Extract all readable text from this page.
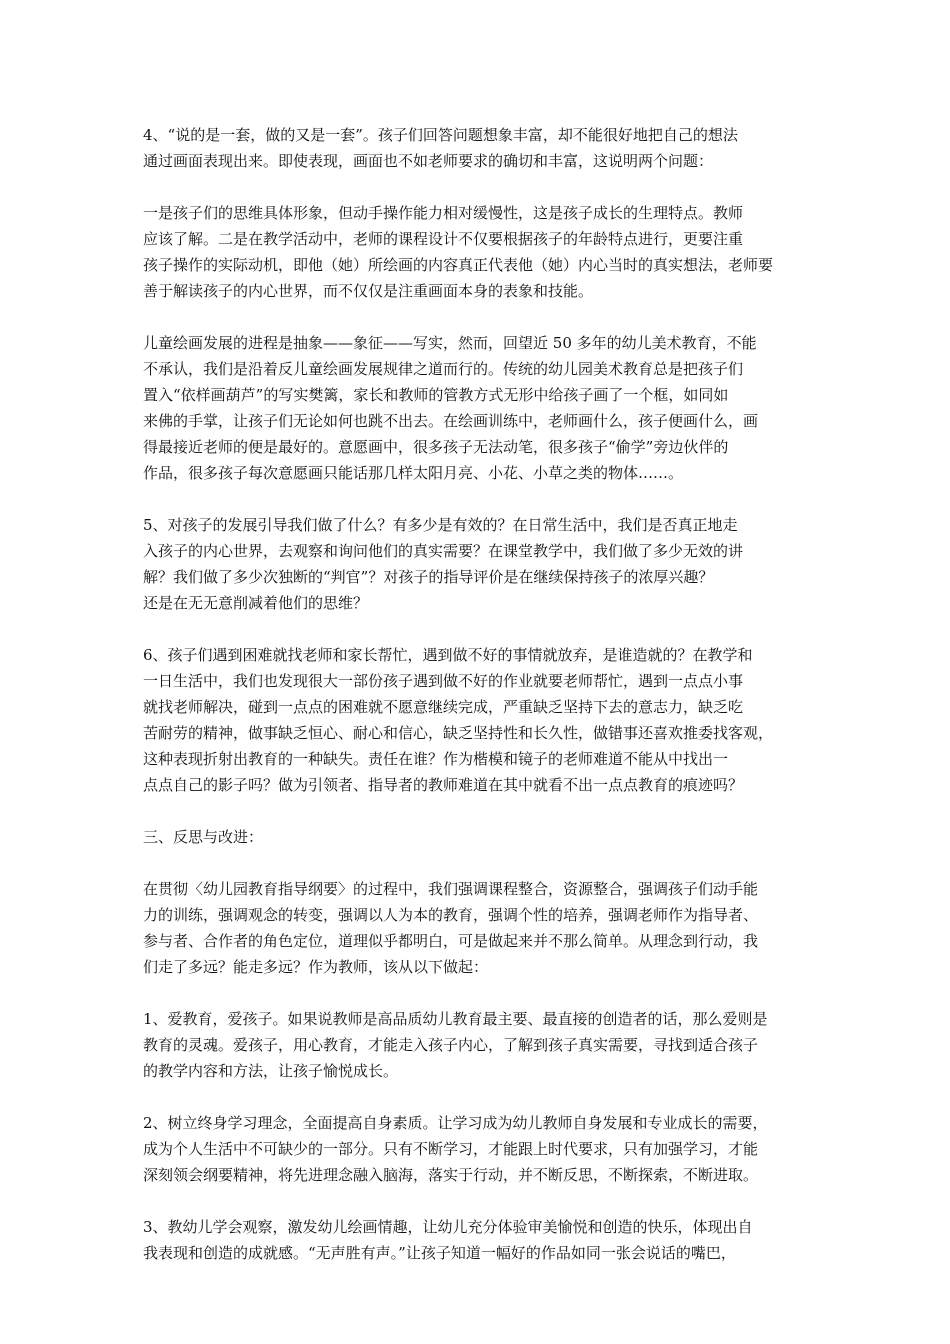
4、“说的是一套，做的又是一套”。孩子们回答问题想象丰富，却不能很好地把自己的想法
通过画面表现出来。即使表现，画面也不如老师要求的确切和丰富，这说明两个问题：

一是孩子们的思维具体形象，但动手操作能力相对缓慢性，这是孩子成长的生理特点。教师
应该了解。二是在教学活动中，老师的课程设计不仅要根据孩子的年龄特点进行，更要注重
孩子操作的实际动机，即他（她）所绘画的内容真正代表他（她）内心当时的真实想法，老师要
善于解读孩子的内心世界，而不仅仅是注重画面本身的表象和技能。

儿童绘画发展的进程是抽象——象征——写实，然而，回望近 50 多年的幼儿美术教育，不能
不承认，我们是沿着反儿童绘画发展规律之道而行的。传统的幼儿园美术教育总是把孩子们
置入“依样画葫芦”的写实樊篱，家长和教师的管教方式无形中给孩子画了一个框，如同如
来佛的手掌，让孩子们无论如何也跳不出去。在绘画训练中，老师画什么，孩子便画什么，画
得最接近老师的便是最好的。意愿画中，很多孩子无法动笔，很多孩子“偷学”旁边伙伴的
作品，很多孩子每次意愿画只能话那几样太阳月亮、小花、小草之类的物体……。

5、对孩子的发展引导我们做了什么？有多少是有效的？在日常生活中，我们是否真正地走
入孩子的内心世界，去观察和询问他们的真实需要？在课堂教学中，我们做了多少无效的讲
解？我们做了多少次独断的“判官”？对孩子的指导评价是在继续保持孩子的浓厚兴趣？
还是在无无意削减着他们的思维？

6、孩子们遇到困难就找老师和家长帮忙，遇到做不好的事情就放弃，是谁造就的？在教学和
一日生活中，我们也发现很大一部份孩子遇到做不好的作业就要老师帮忙，遇到一点点小事
就找老师解决，碰到一点点的困难就不愿意继续完成，严重缺乏坚持下去的意志力，缺乏吃
苦耐劳的精神，做事缺乏恒心、耐心和信心，缺乏坚持性和长久性，做错事还喜欢推委找客观，
这种表现折射出教育的一种缺失。责任在谁？作为楷模和镜子的老师难道不能从中找出一
点点自己的影子吗？做为引领者、指导者的教师难道在其中就看不出一点点教育的痕迹吗？

三、反思与改进：

在贯彻〈幼儿园教育指导纲要〉的过程中，我们强调课程整合，资源整合，强调孩子们动手能
力的训练，强调观念的转变，强调以人为本的教育，强调个性的培养，强调老师作为指导者、
参与者、合作者的角色定位，道理似乎都明白，可是做起来并不那么简单。从理念到行动，我
们走了多远？能走多远？作为教师，该从以下做起：

1、爱教育，爱孩子。如果说教师是高品质幼儿教育最主要、最直接的创造者的话，那么爱则是
教育的灵魂。爱孩子，用心教育，才能走入孩子内心，了解到孩子真实需要，寻找到适合孩子
的教学内容和方法，让孩子愉悦成长。

2、树立终身学习理念，全面提高自身素质。让学习成为幼儿教师自身发展和专业成长的需要，
成为个人生活中不可缺少的一部分。只有不断学习，才能跟上时代要求，只有加强学习，才能
深刻领会纲要精神，将先进理念融入脑海，落实于行动，并不断反思，不断探索，不断进取。

3、教幼儿学会观察，激发幼儿绘画情趣，让幼儿充分体验审美愉悦和创造的快乐，体现出自
我表现和创造的成就感。“无声胜有声。”让孩子知道一幅好的作品如同一张会说话的嘴巴，
